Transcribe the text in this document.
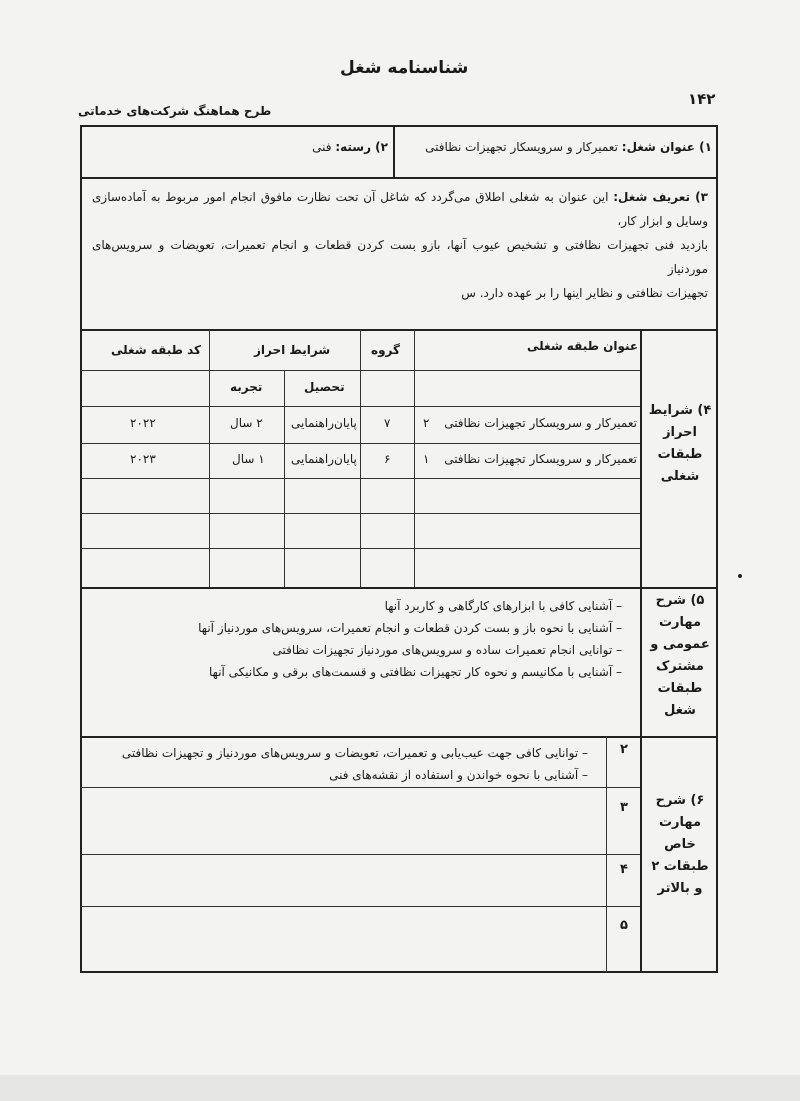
شناسنامه شغل
۱۴۲
طرح هماهنگ شرکت‌های خدماتی
۱) عنوان شغل: تعمیرکار و سرویسکار تجهیزات نظافتی
۲) رسته: فنی
۳) تعریف شغل: این عنوان به شغلی اطلاق می‌گردد که شاغل آن تحت نظارت مافوق انجام امور مربوط به آماده‌سازی وسایل و ابزار کار،
بازدید فنی تجهیزات نظافتی و تشخیص عیوب آنها، بازو بست کردن قطعات و انجام تعمیرات، تعویضات و سرویس‌های موردنیاز
تجهیزات نظافتی و نظایر اینها را بر عهده دارد. س
۴) شرایط
احراز
طبقات
شغلی
عنوان طبقه شغلی
گروه
شرایط احراز
کد طبقه شغلی
تحصیل
تجربه
تعمیرکار و سرویسکار تجهیزات نظافتی
۲
۷
پایان‌راهنمایی
۲ سال
۲۰۲۲
تعمیرکار و سرویسکار تجهیزات نظافتی
۱
۶
پایان‌راهنمایی
۱ سال
۲۰۲۳
۵) شرح
مهارت
عمومی و
مشترک
طبقات
شغل
– آشنایی کافی با ابزارهای کارگاهی و کاربرد آنها
– آشنایی با نحوه باز و بست کردن قطعات و انجام تعمیرات، سرویس‌های موردنیاز آنها
– توانایی انجام تعمیرات ساده و سرویس‌های موردنیاز تجهیزات نظافتی
– آشنایی با مکانیسم و نحوه کار تجهیزات نظافتی و قسمت‌های برقی و مکانیکی آنها
۶) شرح
مهارت
خاص
طبقات ۲
و بالاتر
۲
۳
۴
۵
– توانایی کافی جهت عیب‌یابی و تعمیرات، تعویضات و سرویس‌های موردنیاز و تجهیزات نظافتی
– آشنایی با نحوه خواندن و استفاده از نقشه‌های فنی
